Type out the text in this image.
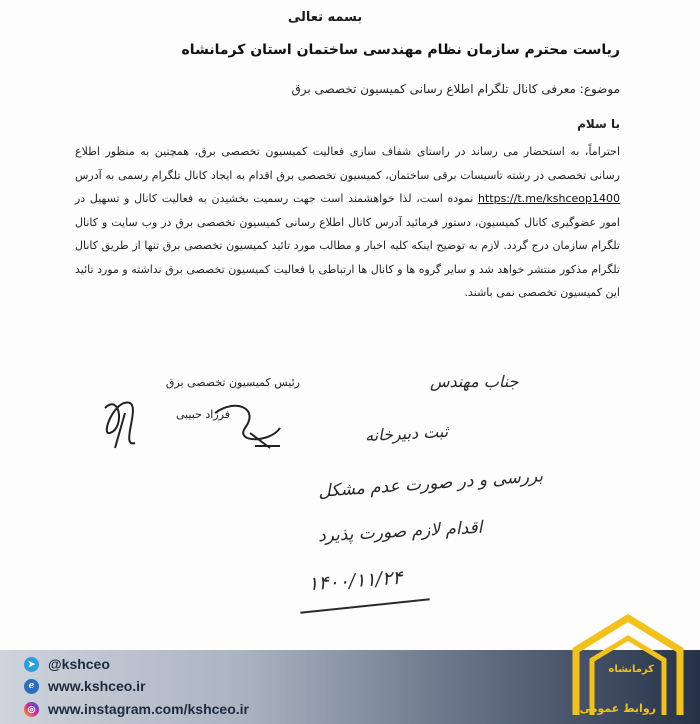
بسمه تعالی
ریاست محترم سازمان نظام مهندسی ساختمان استان کرمانشاه
موضوع: معرفی کانال تلگرام اطلاع رسانی کمیسیون تخصصی برق
با سلام
احتراماً، به استحضار می رساند در راستای شفاف سازی فعالیت کمیسیون تخصصی برق، همچنین به منظور اطلاع رسانی تخصصی در رشته تاسیسات برقی ساختمان، کمیسیون تخصصی برق اقدام به ایجاد کانال تلگرام رسمی به آدرس https://t.me/kshceop1400 نموده است، لذا خواهشمند است جهت رسمیت بخشیدن به فعالیت کانال و تسهیل در امور عضوگیری کانال کمیسیون، دستور فرمائید آدرس کانال اطلاع رسانی کمیسیون تخصصی برق در وب سایت و کانال تلگرام سازمان درج گردد. لازم به توضیح اینکه کلیه اخبار و مطالب مورد تائید کمیسیون تخصصی برق تنها از طریق کانال تلگرام مذکور منتشر خواهد شد و سایر گروه ها و کانال ها ارتباطی با فعالیت کمیسیون تخصصی برق نداشته و مورد تائید این کمیسیون تخصصی نمی باشند.
رئیس کمیسیون تخصصی برق
فرزاد حبیبی
جناب مهندس
ثبت دبیرخانه
بررسی و در صورت عدم مشکل
اقدام لازم صورت پذیرد
۱۴۰۰/۱۱/۲۴
➤ @kshceo
e www.kshceo.ir
◎ www.instagram.com/kshceo.ir
کرمانشاه
روابط عمومی
